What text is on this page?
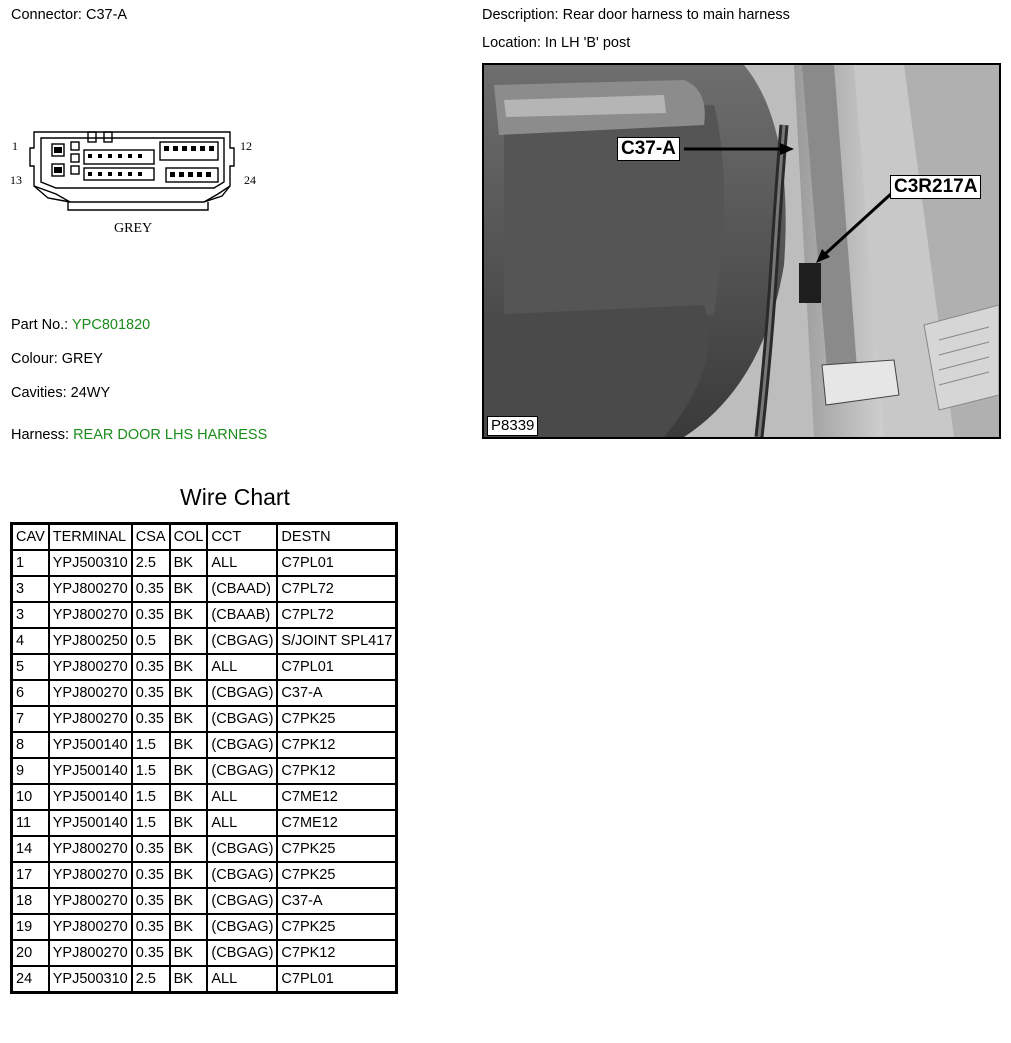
Connector: C37-A	Description: Rear door harness to main harness
Location: In LH 'B' post
1	12
13	24
GREY
C37-A
C3R217A
P8339
Part No.: YPC801820
Colour: GREY
Cavities: 24WY
Harness: REAR DOOR LHS HARNESS
Wire Chart
CAV	TERMINAL	CSA	COL	CCT	DESTN
1	YPJ500310	2.5	BK	ALL	C7PL01
3	YPJ800270	0.35	BK	(CBAAD)	C7PL72
3	YPJ800270	0.35	BK	(CBAAB)	C7PL72
4	YPJ800250	0.5	BK	(CBGAG)	S/JOINT SPL417
5	YPJ800270	0.35	BK	ALL	C7PL01
6	YPJ800270	0.35	BK	(CBGAG)	C37-A
7	YPJ800270	0.35	BK	(CBGAG)	C7PK25
8	YPJ500140	1.5	BK	(CBGAG)	C7PK12
9	YPJ500140	1.5	BK	(CBGAG)	C7PK12
10	YPJ500140	1.5	BK	ALL	C7ME12
11	YPJ500140	1.5	BK	ALL	C7ME12
14	YPJ800270	0.35	BK	(CBGAG)	C7PK25
17	YPJ800270	0.35	BK	(CBGAG)	C7PK25
18	YPJ800270	0.35	BK	(CBGAG)	C37-A
19	YPJ800270	0.35	BK	(CBGAG)	C7PK25
20	YPJ800270	0.35	BK	(CBGAG)	C7PK12
24	YPJ500310	2.5	BK	ALL	C7PL01
